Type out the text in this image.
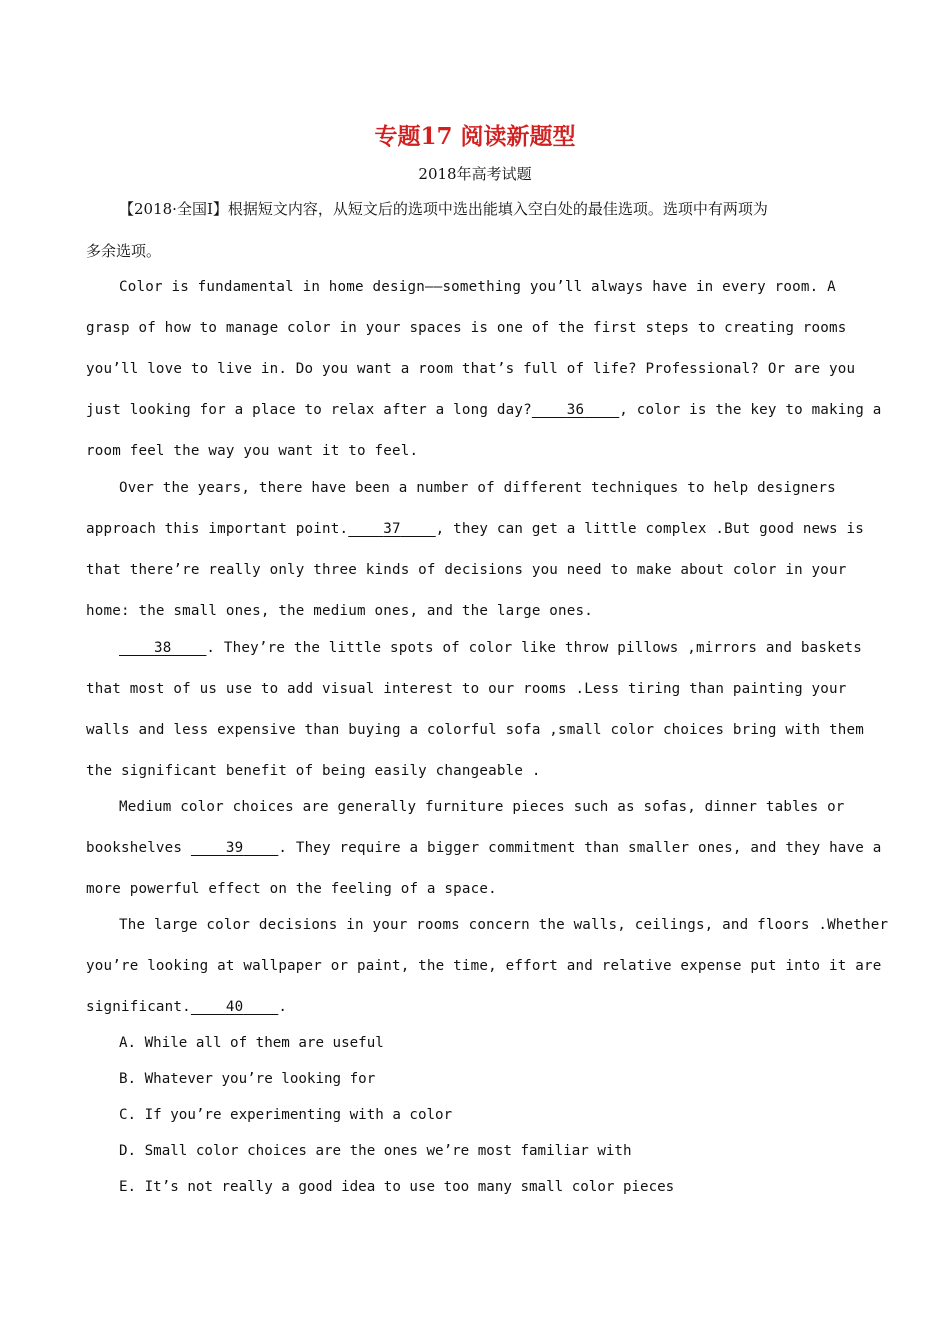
专题17 阅读新题型
2018年高考试题
【2018·全国I】根据短文内容，从短文后的选项中选出能填入空白处的最佳选项。选项中有两项为
多余选项。
Color is fundamental in home design——something you’ll always have in every room. A
grasp of how to manage color in your spaces is one of the first steps to creating rooms
you’ll love to live in. Do you want a room that’s full of life? Professional? Or are you
just looking for a place to relax after a long day? 36 , color is the key to making a
room feel the way you want it to feel.
Over the years, there have been a number of different techniques to help designers
approach this important point. 37 , they can get a little complex .But good news is
that there’re really only three kinds of decisions you need to make about color in your
home: the small ones, the medium ones, and the large ones.
38 . They’re the little spots of color like throw pillows ,mirrors and baskets
that most of us use to add visual interest to our rooms .Less tiring than painting your
walls and less expensive than buying a colorful sofa ,small color choices bring with them
the significant benefit of being easily changeable .
Medium color choices are generally furniture pieces such as sofas, dinner tables or
bookshelves	39 . They require a bigger commitment than smaller ones, and they have a
more powerful effect on the feeling of a space.
The large color decisions in your rooms concern the walls, ceilings, and floors .Whether
you’re looking at wallpaper or paint, the time, effort and relative expense put into it are
significant. 40 .
A. While all of them are useful
B. Whatever you’re looking for
C. If you’re experimenting with a color
D. Small color choices are the ones we’re most familiar with
E. It’s not really a good idea to use too many small color pieces
